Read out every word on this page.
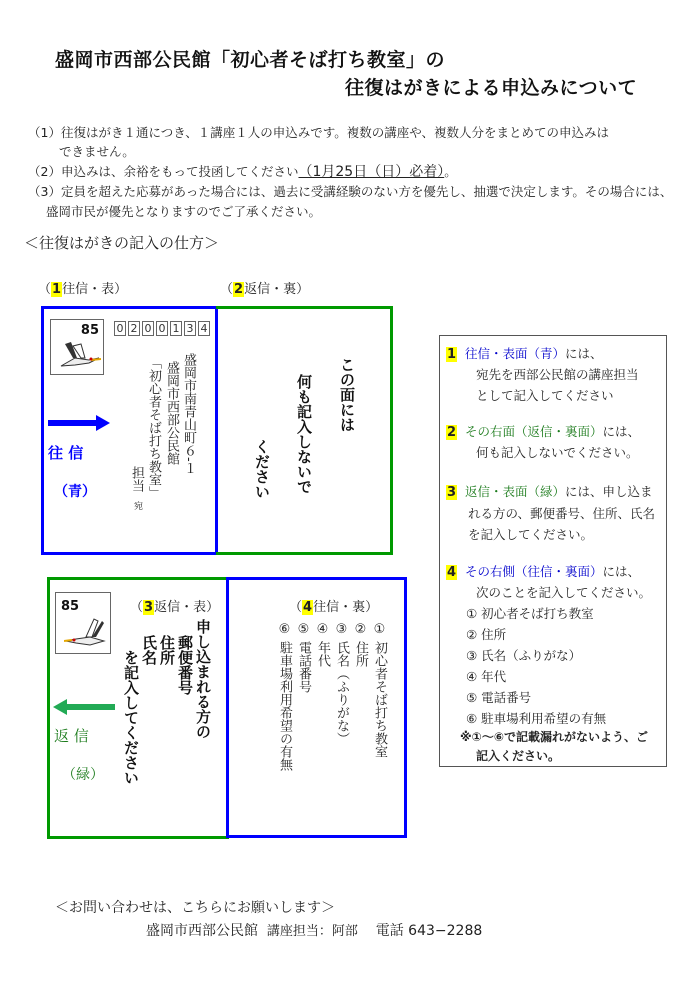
盛岡市西部公民館「初心者そば打ち教室」の
往復はがきによる申込みについて
（1）往復はがき１通につき、１講座１人の申込みです。複数の講座や、複数人分をまとめての申込みは
できません。
（2）申込みは、余裕をもって投函してください（1月25日（日）必着）。
（3）定員を超えた応募があった場合には、過去に受講経験のない方を優先し、抽選で決定します。その場合には、
盛岡市民が優先となりますのでご了承ください。
＜往復はがきの記入の仕方＞
（1往信・表）	（2返信・裏）
85 0 2 0 0 1 3 4
盛岡市南青山町６-１
盛岡市西部公民館
「初心者そば打ち教室」
担当
宛
往 信
（青）
この面には
何も記入しないで
ください
85	（3返信・表）
申し込まれる方の
郵便番号
住所
氏名
を記入してください
返 信
（緑）
（4往信・裏）
①初心者そば打ち教室
②住所
③氏名（ふりがな）
④年代
⑤電話番号
⑥駐車場利用希望の有無
1 往信・表面（青）には、
宛先を西部公民館の講座担当
として記入してください
2 その右面（返信・裏面）には、
何も記入しないでください。
3 返信・表面（緑）には、申し込ま
れる方の、郵便番号、住所、氏名
を記入してください。
4 その右側（往信・裏面）には、
次のことを記入してください。
① 初心者そば打ち教室
② 住所
③ 氏名（ふりがな）
④ 年代
⑤ 電話番号
⑥ 駐車場利用希望の有無
※①～⑥で記載漏れがないよう、ご
記入ください。
＜お問い合わせは、こちらにお願いします＞
盛岡市西部公民館 講座担当：阿部 電話 643−2288
